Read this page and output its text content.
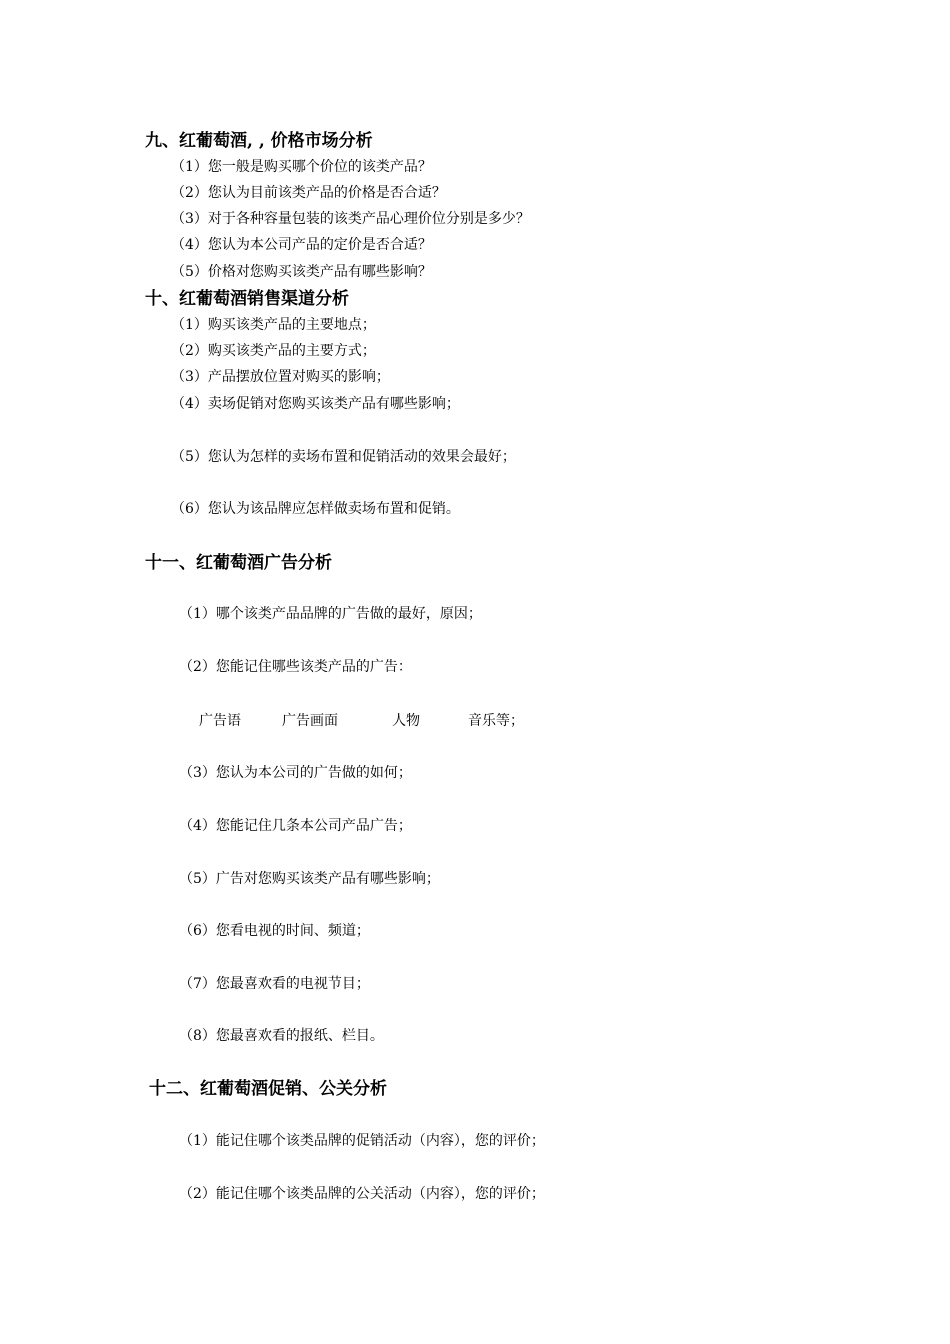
九、红葡萄酒, , 价格市场分析
（1）您一般是购买哪个价位的该类产品？
（2）您认为目前该类产品的价格是否合适？
（3）对于各种容量包装的该类产品心理价位分别是多少？
（4）您认为本公司产品的定价是否合适？
（5）价格对您购买该类产品有哪些影响？
十、红葡萄酒销售渠道分析
（1）购买该类产品的主要地点；
（2）购买该类产品的主要方式；
（3）产品摆放位置对购买的影响；
（4）卖场促销对您购买该类产品有哪些影响；
（5）您认为怎样的卖场布置和促销活动的效果会最好；
（6）您认为该品牌应怎样做卖场布置和促销。
十一、红葡萄酒广告分析
（1）哪个该类产品品牌的广告做的最好，原因；
（2）您能记住哪些该类产品的广告：
广告语	广告画面	人物	音乐等；
（3）您认为本公司的广告做的如何；
（4）您能记住几条本公司产品广告；
（5）广告对您购买该类产品有哪些影响；
（6）您看电视的时间、频道；
（7）您最喜欢看的电视节目；
（8）您最喜欢看的报纸、栏目。
十二、红葡萄酒促销、公关分析
（1）能记住哪个该类品牌的促销活动（内容），您的评价；
（2）能记住哪个该类品牌的公关活动（内容），您的评价；
